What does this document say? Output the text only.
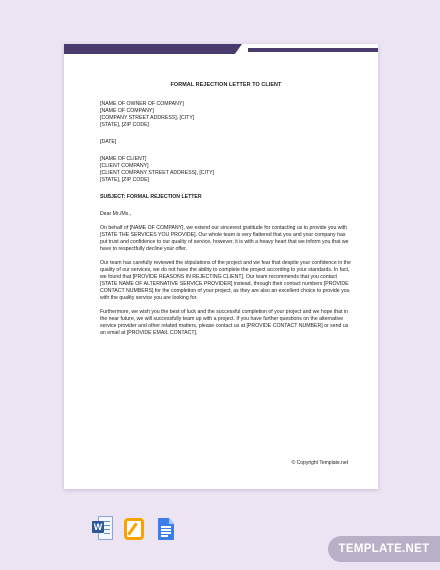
FORMAL REJECTION LETTER TO CLIENT
[NAME OF OWNER OF COMPANY]
[NAME OF COMPANY]
[COMPANY STREET ADDRESS], [CITY]
[STATE], [ZIP CODE]
[DATE]
[NAME OF CLIENT]
[CLIENT COMPANY]
[CLIENT COMPANY STREET ADDRESS], [CITY]
[STATE], [ZIP CODE]
SUBJECT: FORMAL REJECTION LETTER
Dear Mr./Ms.,
On behalf of [NAME OF COMPANY], we extend our sincerest gratitude for contacting us to provide you with [STATE THE SERVICES YOU PROVIDE]. Our whole team is very flattered that you and your company has put trust and confidence to our quality of service, however, it is with a heavy heart that we inform you that we have to respectfully decline your offer.
Our team has carefully reviewed the stipulations of the project and we fear that despite your confidence in the quality of our services, we do not have the ability to complete the project according to your standards. In fact, we found that [PROVIDE REASONS IN REJECTING CLIENT]. Our team recommends that you contact [STATE NAME OF ALTERNATIVE SERVICE PROVIDER] instead, through their contact numbers [PROVIDE CONTACT NUMBERS] for the completion of your project, as they are also an excellent choice to provide you with the quality service you are looking for.
Furthermore, we wish you the best of luck and the successful completion of your project and we hope that in the near future, we will successfully team up with a project. If you have further questions on the alternative service provider and other related matters, please contact us at [PROVIDE CONTACT NUMBER] or send us an email at [PROVIDE EMAIL CONTACT].
© Copyright Template.net
W
TEMPLATE.NET
